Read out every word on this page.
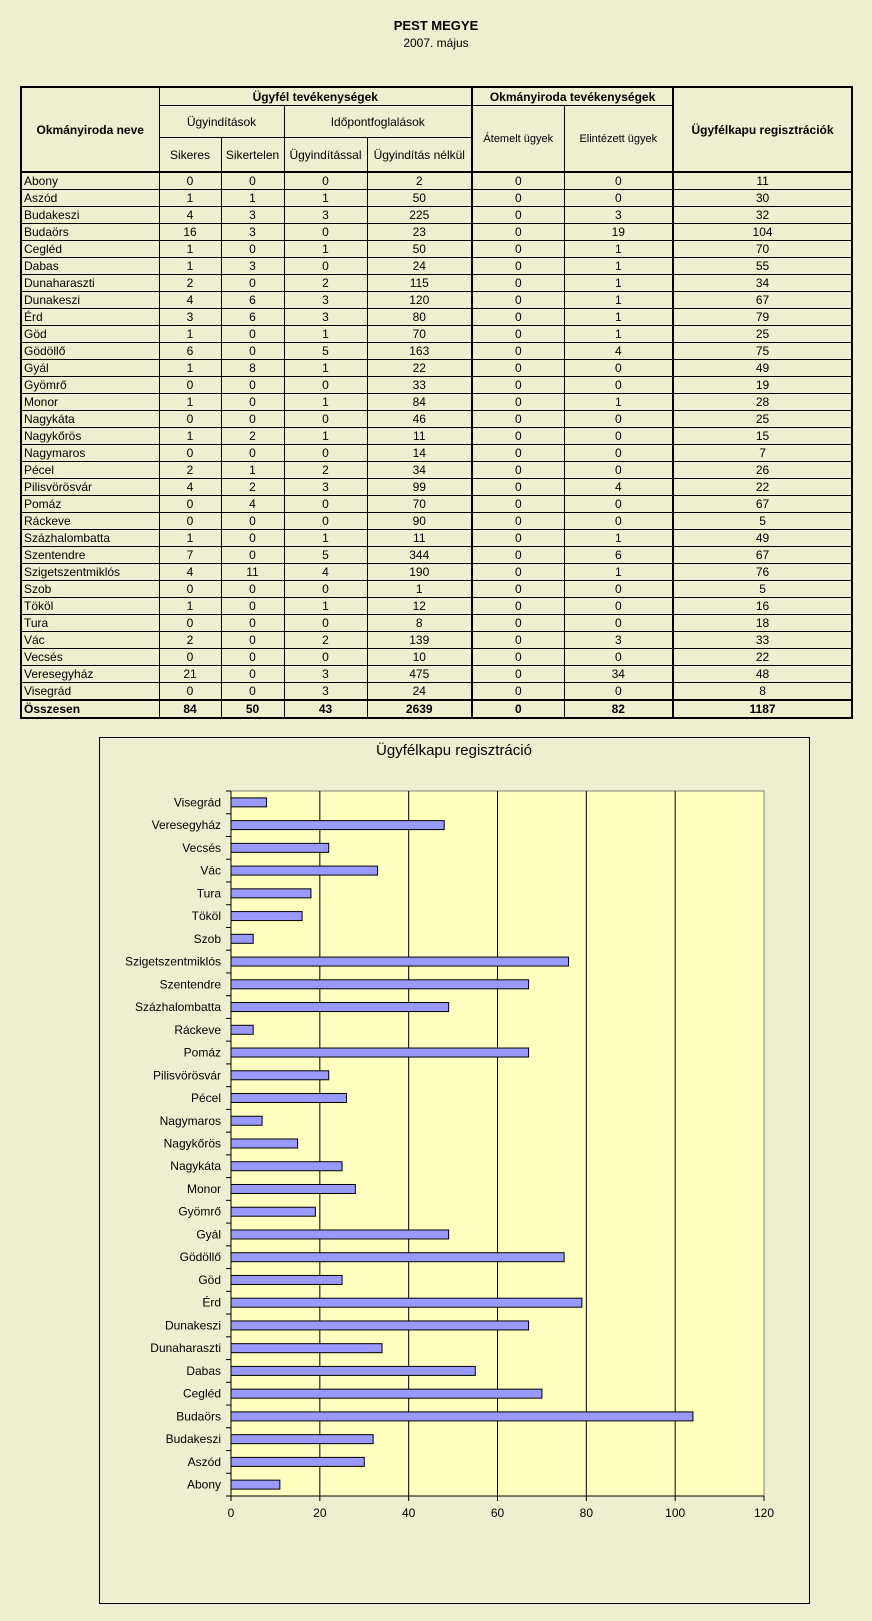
PEST MEGYE
2007. május
Okmányiroda neve	Ügyfél tevékenységek				Okmányiroda tevékenységek		Ügyfélkapu regisztrációk
	Ügyindítások		Időpontfoglalások		Átemelt ügyek	Elintézett ügyek	
	Sikeres	Sikertelen	Ügyindítással	Ügyindítás nélkül			
Abony	0	0	0	2	0	0	11
Aszód	1	1	1	50	0	0	30
Budakeszi	4	3	3	225	0	3	32
Budaörs	16	3	0	23	0	19	104
Cegléd	1	0	1	50	0	1	70
Dabas	1	3	0	24	0	1	55
Dunaharaszti	2	0	2	115	0	1	34
Dunakeszi	4	6	3	120	0	1	67
Érd	3	6	3	80	0	1	79
Göd	1	0	1	70	0	1	25
Gödöllő	6	0	5	163	0	4	75
Gyál	1	8	1	22	0	0	49
Gyömrő	0	0	0	33	0	0	19
Monor	1	0	1	84	0	1	28
Nagykáta	0	0	0	46	0	0	25
Nagykőrös	1	2	1	11	0	0	15
Nagymaros	0	0	0	14	0	0	7
Pécel	2	1	2	34	0	0	26
Pilisvörösvár	4	2	3	99	0	4	22
Pomáz	0	4	0	70	0	0	67
Ráckeve	0	0	0	90	0	0	5
Százhalombatta	1	0	1	11	0	1	49
Szentendre	7	0	5	344	0	6	67
Szigetszentmiklós	4	11	4	190	0	1	76
Szob	0	0	0	1	0	0	5
Tököl	1	0	1	12	0	0	16
Tura	0	0	0	8	0	0	18
Vác	2	0	2	139	0	3	33
Vecsés	0	0	0	10	0	0	22
Veresegyház	21	0	3	475	0	34	48
Visegrád	0	0	3	24	0	0	8
Összesen	84	50	43	2639	0	82	1187
Ügyfélkapu regisztráció
0	20	40	60	80	100	120
Abony
Aszód
Budakeszi
Budaörs
Cegléd
Dabas
Dunaharaszti
Dunakeszi
Érd
Göd
Gödöllő
Gyál
Gyömrő
Monor
Nagykáta
Nagykőrös
Nagymaros
Pécel
Pilisvörösvár
Pomáz
Ráckeve
Százhalombatta
Szentendre
Szigetszentmiklós
Szob
Tököl
Tura
Vác
Vecsés
Veresegyház
Visegrád
